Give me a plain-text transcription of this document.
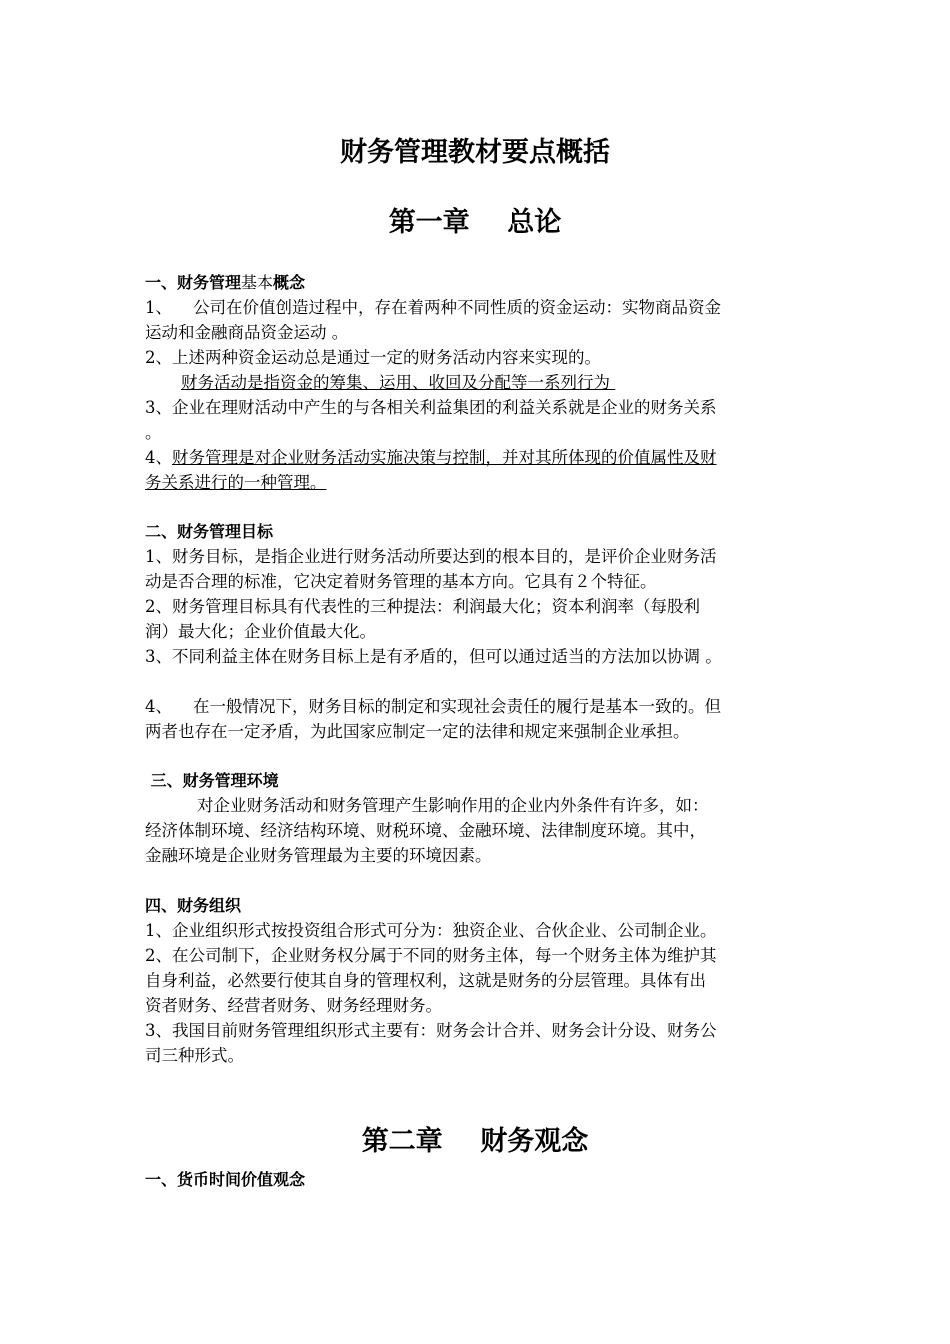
财务管理教材要点概括
第一章    总论
一、财务管理基本概念
1、    公司在价值创造过程中，存在着两种不同性质的资金运动：实物商品资金
运动和金融商品资金运动 。
2、上述两种资金运动总是通过一定的财务活动内容来实现的。
财务活动是指资金的筹集、运用、收回及分配等一系列行为
3、企业在理财活动中产生的与各相关利益集团的利益关系就是企业的财务关系
。
4、财务管理是对企业财务活动实施决策与控制，并对其所体现的价值属性及财
务关系进行的一种管理。
二、财务管理目标
1、财务目标，是指企业进行财务活动所要达到的根本目的，是评价企业财务活
动是否合理的标准，它决定着财务管理的基本方向。它具有２个特征。
2、财务管理目标具有代表性的三种提法：利润最大化；资本利润率（每股利
润）最大化；企业价值最大化。
3、不同利益主体在财务目标上是有矛盾的，但可以通过适当的方法加以协调 。
4、    在一般情况下，财务目标的制定和实现社会责任的履行是基本一致的。但
两者也存在一定矛盾，为此国家应制定一定的法律和规定来强制企业承担。
三、财务管理环境
对企业财务活动和财务管理产生影响作用的企业内外条件有许多，如：
经济体制环境、经济结构环境、财税环境、金融环境、法律制度环境。其中，
金融环境是企业财务管理最为主要的环境因素。
四、财务组织
1、企业组织形式按投资组合形式可分为：独资企业、合伙企业、公司制企业。
2、在公司制下，企业财务权分属于不同的财务主体，每一个财务主体为维护其
自身利益，必然要行使其自身的管理权利，这就是财务的分层管理。具体有出
资者财务、经营者财务、财务经理财务。
3、我国目前财务管理组织形式主要有：财务会计合并、财务会计分设、财务公
司三种形式。
第二章    财务观念
一、货币时间价值观念
